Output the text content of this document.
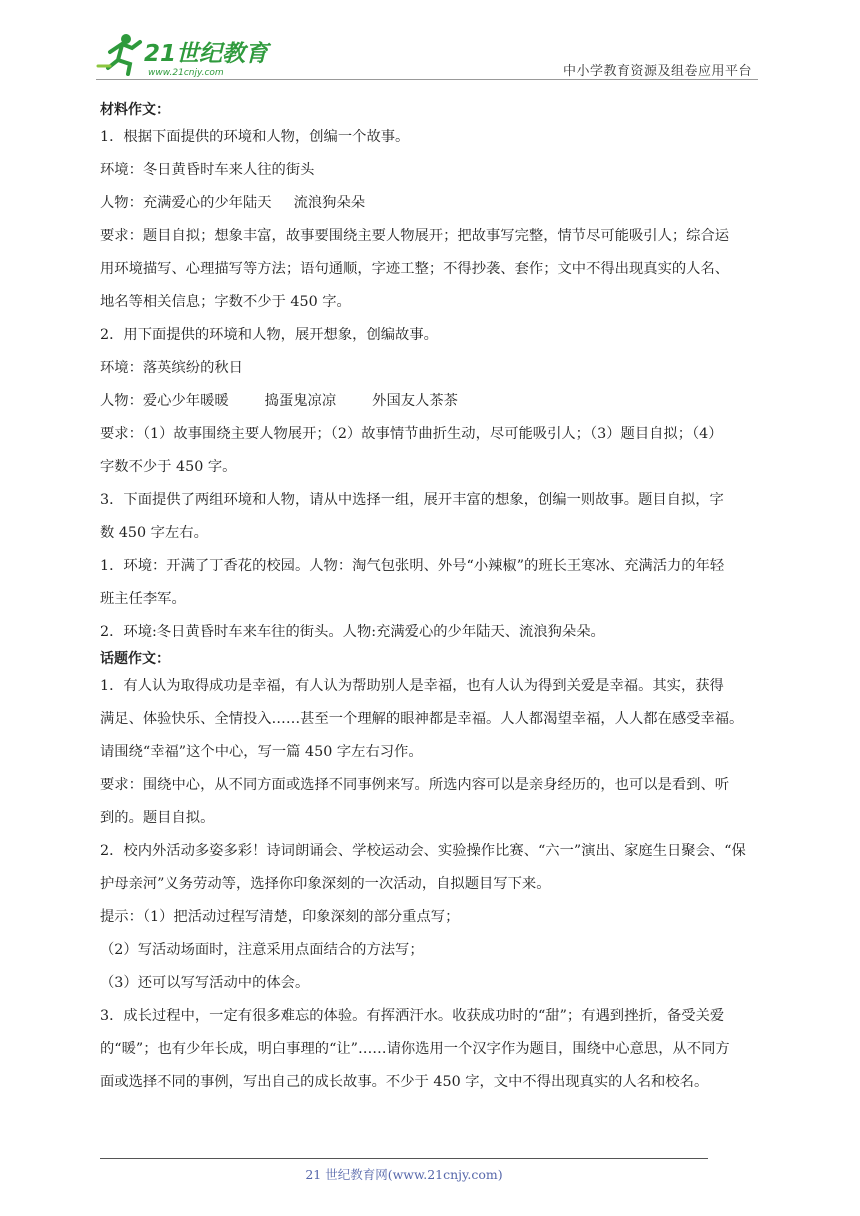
21世纪教育
www.21cnjy.com	中小学教育资源及组卷应用平台

材料作文：

1．根据下面提供的环境和人物，创编一个故事。

环境：冬日黄昏时车来人往的街头

人物：充满爱心的少年陆天 流浪狗朵朵

要求：题目自拟；想象丰富，故事要围绕主要人物展开；把故事写完整，情节尽可能吸引人；综合运

用环境描写、心理描写等方法；语句通顺，字迹工整；不得抄袭、套作；文中不得出现真实的人名、

地名等相关信息；字数不少于 450 字。

2．用下面提供的环境和人物，展开想象，创编故事。

环境：落英缤纷的秋日

人物：爱心少年暖暖	捣蛋鬼凉凉	外国友人茶茶

要求：（1）故事围绕主要人物展开；（2）故事情节曲折生动，尽可能吸引人；（3）题目自拟；（4）

字数不少于 450 字。

3．下面提供了两组环境和人物，请从中选择一组，展开丰富的想象，创编一则故事。题目自拟，字

数 450 字左右。

1．环境：开满了丁香花的校园。人物：淘气包张明、外号“小辣椒”的班长王寒冰、充满活力的年轻

班主任李军。

2．环境:冬日黄昏时车来车往的街头。人物:充满爱心的少年陆天、流浪狗朵朵。

话题作文：

1．有人认为取得成功是幸福，有人认为帮助别人是幸福，也有人认为得到关爱是幸福。其实，获得

满足、体验快乐、全情投入……甚至一个理解的眼神都是幸福。人人都渴望幸福，人人都在感受幸福。

请围绕“幸福”这个中心，写一篇 450 字左右习作。

要求：围绕中心，从不同方面或选择不同事例来写。所选内容可以是亲身经历的，也可以是看到、听

到的。题目自拟。

2．校内外活动多姿多彩！诗词朗诵会、学校运动会、实验操作比赛、“六一”演出、家庭生日聚会、“保

护母亲河”义务劳动等，选择你印象深刻的一次活动，自拟题目写下来。

提示：（1）把活动过程写清楚，印象深刻的部分重点写；

（2）写活动场面时，注意采用点面结合的方法写；

（3）还可以写写活动中的体会。

3．成长过程中，一定有很多难忘的体验。有挥洒汗水。收获成功时的“甜”；有遇到挫折，备受关爱

的“暖”；也有少年长成，明白事理的“让”……请你选用一个汉字作为题目，围绕中心意思，从不同方

面或选择不同的事例，写出自己的成长故事。不少于 450 字，文中不得出现真实的人名和校名。

21 世纪教育网(www.21cnjy.com)
